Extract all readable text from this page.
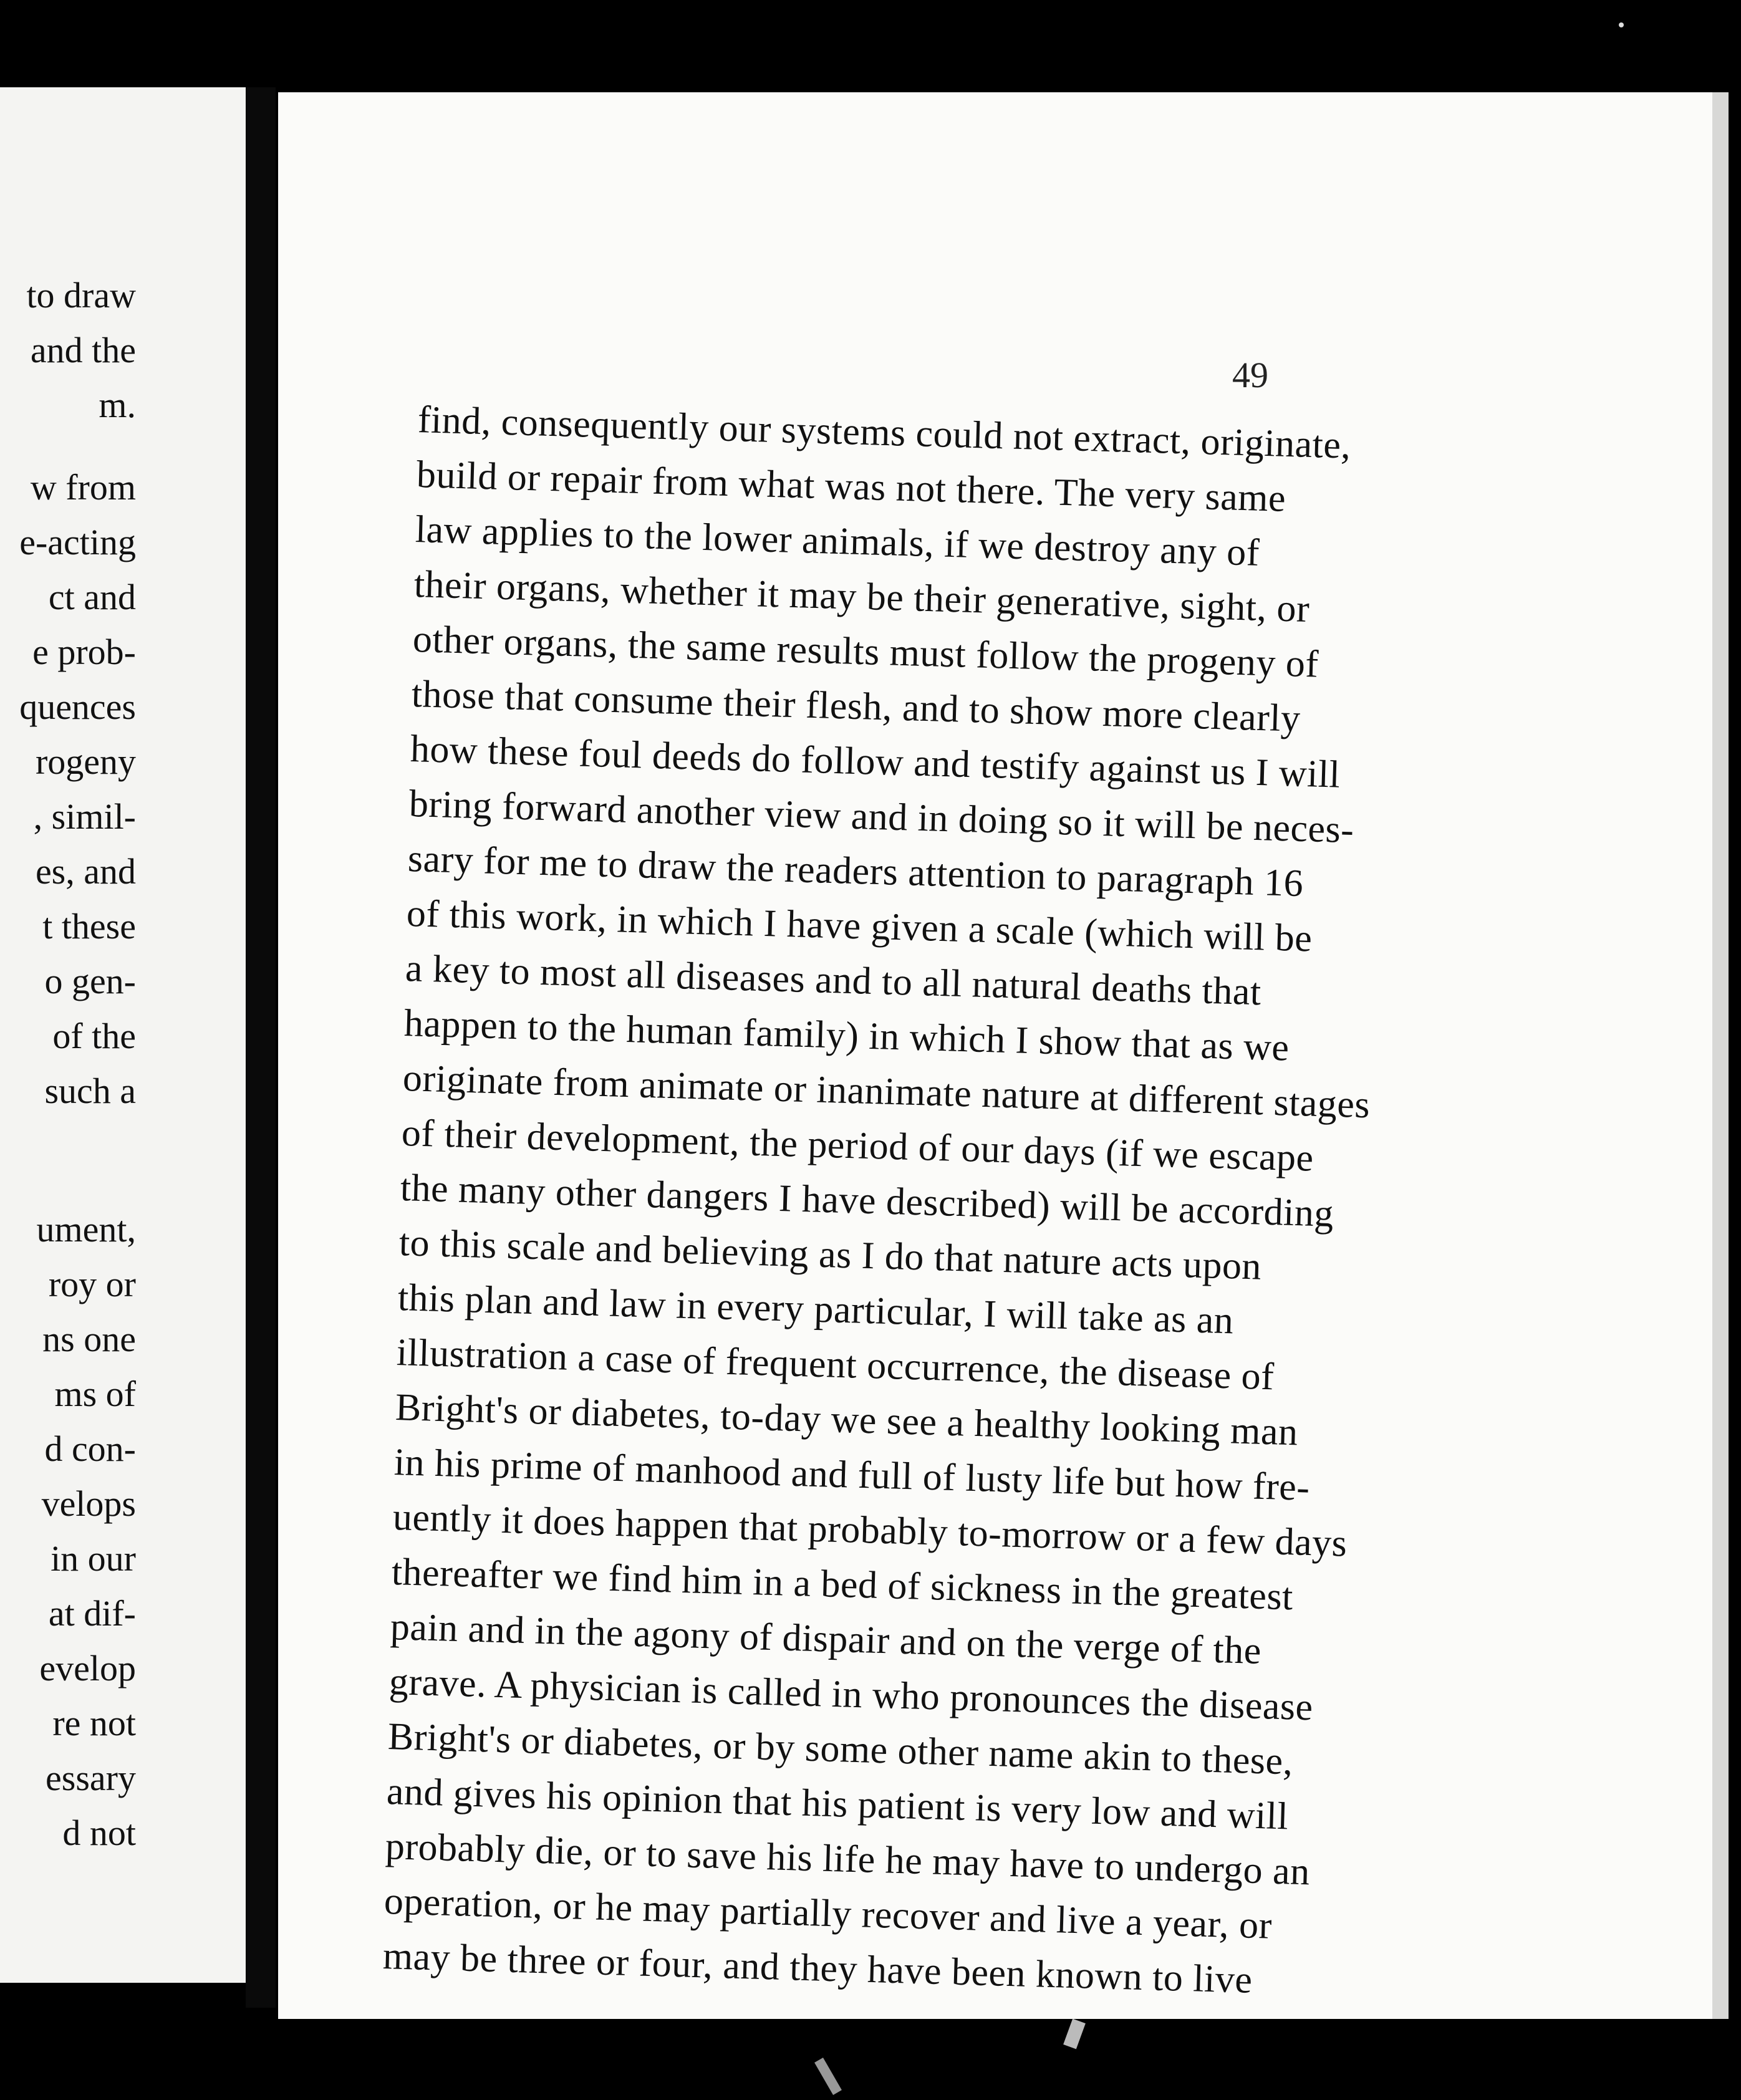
to draw
and the
m.
w from
e-acting
ct and
e prob-
quences
rogeny
, simil-
es, and
t these
o gen-
of the
such a
ument,
roy or
ns one
ms of
d con-
velops
in our
at dif-
evelop
re not
essary
d not
49
find, consequently our systems could not extract, originate,
build or repair from what was not there. The very same
law applies to the lower animals, if we destroy any of
their organs, whether it may be their generative, sight, or
other organs, the same results must follow the progeny of
those that consume their flesh, and to show more clearly
how these foul deeds do follow and testify against us I will
bring forward another view and in doing so it will be neces-
sary for me to draw the readers attention to paragraph 16
of this work, in which I have given a scale (which will be
a key to most all diseases and to all natural deaths that
happen to the human family) in which I show that as we
originate from animate or inanimate nature at different stages
of their development, the period of our days (if we escape
the many other dangers I have described) will be according
to this scale and believing as I do that nature acts upon
this plan and law in every particular, I will take as an
illustration a case of frequent occurrence, the disease of
Bright's or diabetes, to-day we see a healthy looking man
in his prime of manhood and full of lusty life but how fre-
uently it does happen that probably to-morrow or a few days
thereafter we find him in a bed of sickness in the greatest
pain and in the agony of dispair and on the verge of the
grave. A physician is called in who pronounces the disease
Bright's or diabetes, or by some other name akin to these,
and gives his opinion that his patient is very low and will
probably die, or to save his life he may have to undergo an
operation, or he may partially recover and live a year, or
may be three or four, and they have been known to live
